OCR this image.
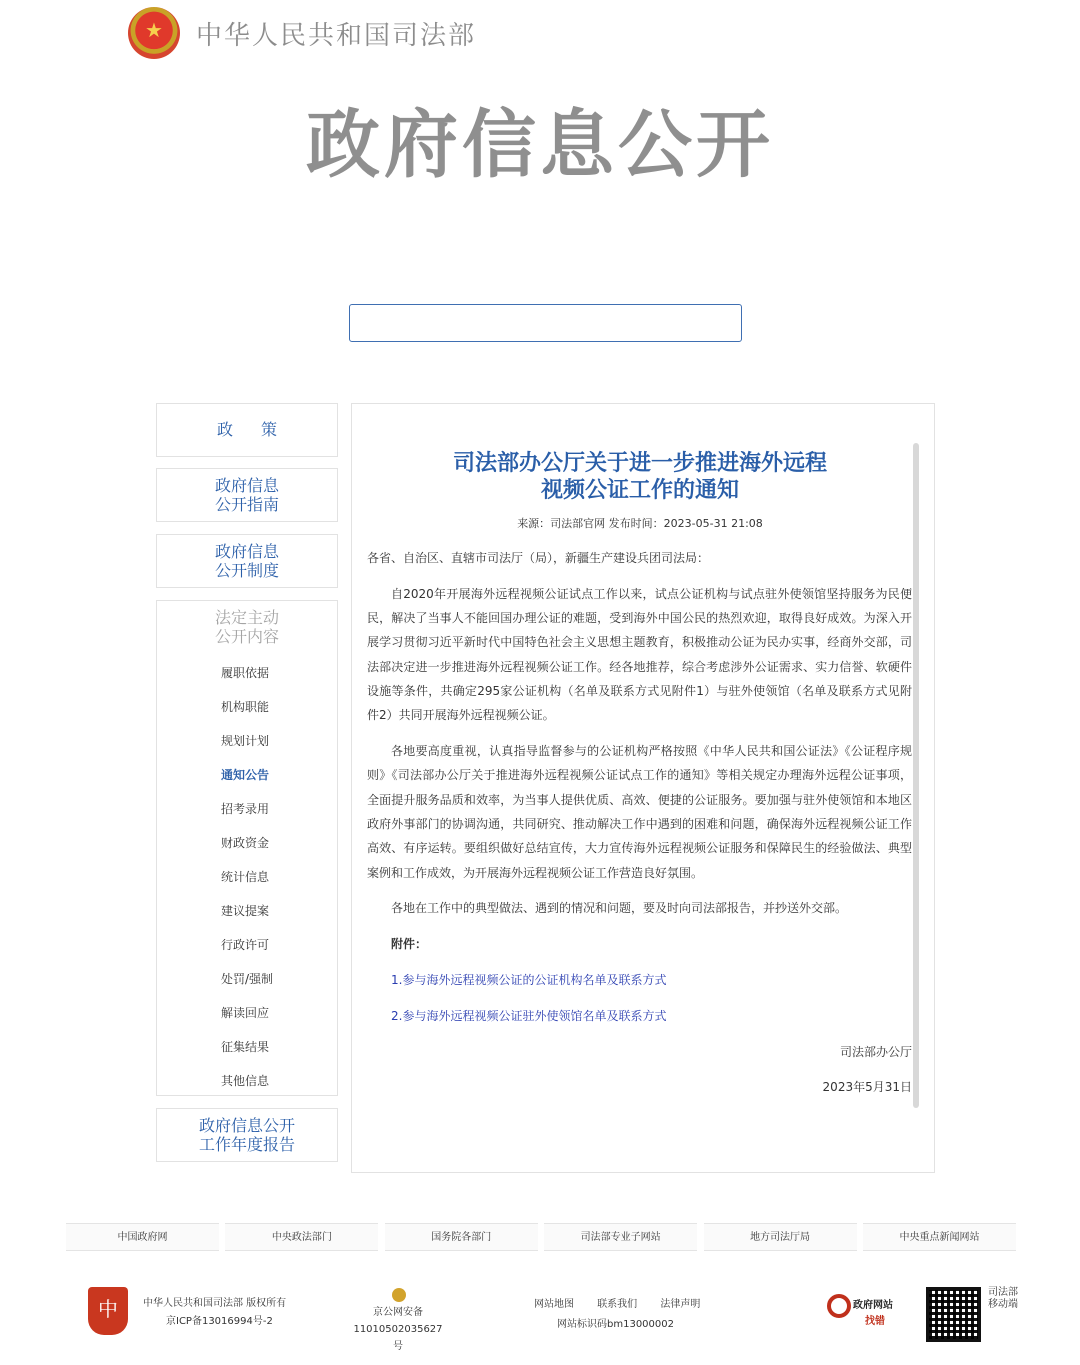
★
中华人民共和国司法部
政府信息公开
政策
政府信息
公开指南
政府信息
公开制度
法定主动
公开内容
履职依据
机构职能
规划计划
通知公告
招考录用
财政资金
统计信息
建议提案
行政许可
处罚/强制
解读回应
征集结果
其他信息
政府信息公开
工作年度报告
司法部办公厅关于进一步推进海外远程
视频公证工作的通知
来源：司法部官网 发布时间：2023-05-31 21:08

各省、自治区、直辖市司法厅（局），新疆生产建设兵团司法局：

自2020年开展海外远程视频公证试点工作以来，试点公证机构与试点驻外使领馆坚持服务为民便民，解决了当事人不能回国办理公证的难题，受到海外中国公民的热烈欢迎，取得良好成效。为深入开展学习贯彻习近平新时代中国特色社会主义思想主题教育，积极推动公证为民办实事，经商外交部，司法部决定进一步推进海外远程视频公证工作。经各地推荐，综合考虑涉外公证需求、实力信誉、软硬件设施等条件，共确定295家公证机构（名单及联系方式见附件1）与驻外使领馆（名单及联系方式见附件2）共同开展海外远程视频公证。

各地要高度重视，认真指导监督参与的公证机构严格按照《中华人民共和国公证法》《公证程序规则》《司法部办公厅关于推进海外远程视频公证试点工作的通知》等相关规定办理海外远程公证事项，全面提升服务品质和效率，为当事人提供优质、高效、便捷的公证服务。要加强与驻外使领馆和本地区政府外事部门的协调沟通，共同研究、推动解决工作中遇到的困难和问题，确保海外远程视频公证工作高效、有序运转。要组织做好总结宣传，大力宣传海外远程视频公证服务和保障民生的经验做法、典型案例和工作成效，为开展海外远程视频公证工作营造良好氛围。

各地在工作中的典型做法、遇到的情况和问题，要及时向司法部报告，并抄送外交部。

附件：

1.参与海外远程视频公证的公证机构名单及联系方式

2.参与海外远程视频公证驻外使领馆名单及联系方式

司法部办公厅

2023年5月31日

中国政府网	中央政法部门	国务院各部门	司法部专业子网站	地方司法厅局	中央重点新闻网站
中	中华人民共和国司法部 版权所有
京ICP备13016994号-2
京公网安备
11010502035627号
网站地图 联系我们 法律声明
网站标识码bm13000002
政府网站
找错
司法部
移动端
